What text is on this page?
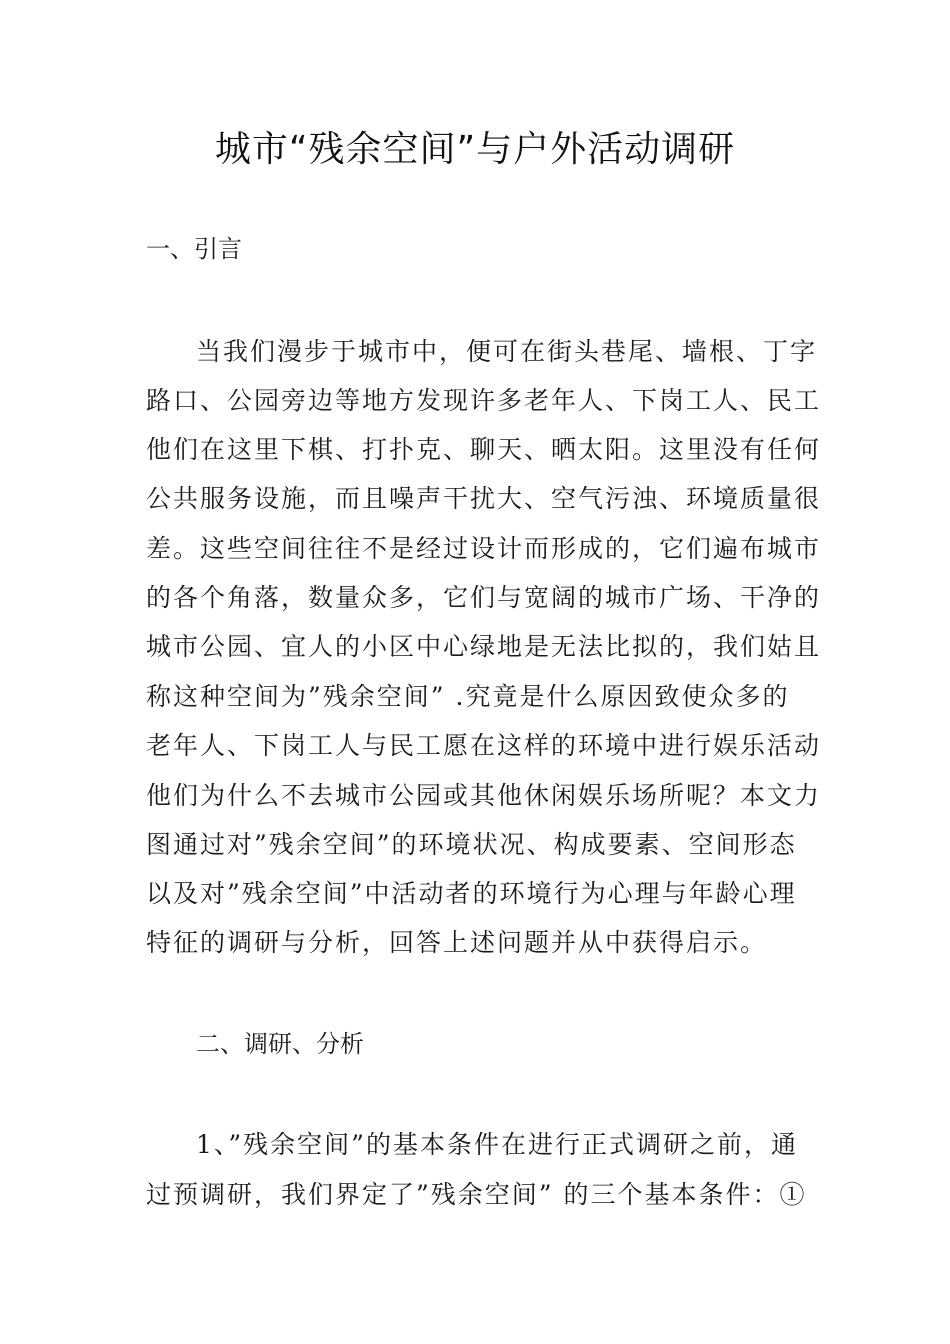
城市“残余空间”与户外活动调研
一、引言
当我们漫步于城市中，便可在街头巷尾、墙根、丁字
路口、公园旁边等地方发现许多老年人、下岗工人、民工
他们在这里下棋、打扑克、聊天、晒太阳。这里没有任何
公共服务设施，而且噪声干扰大、空气污浊、环境质量很
差。这些空间往往不是经过设计而形成的，它们遍布城市
的各个角落，数量众多，它们与宽阔的城市广场、干净的
城市公园、宜人的小区中心绿地是无法比拟的，我们姑且
称这种空间为”残余空间” .究竟是什么原因致使众多的
老年人、下岗工人与民工愿在这样的环境中进行娱乐活动
他们为什么不去城市公园或其他休闲娱乐场所呢？本文力
图通过对”残余空间”的环境状况、构成要素、空间形态
以及对”残余空间”中活动者的环境行为心理与年龄心理
特征的调研与分析，回答上述问题并从中获得启示。
二、调研、分析
1、”残余空间”的基本条件在进行正式调研之前，通
过预调研，我们界定了”残余空间” 的三个基本条件：①
